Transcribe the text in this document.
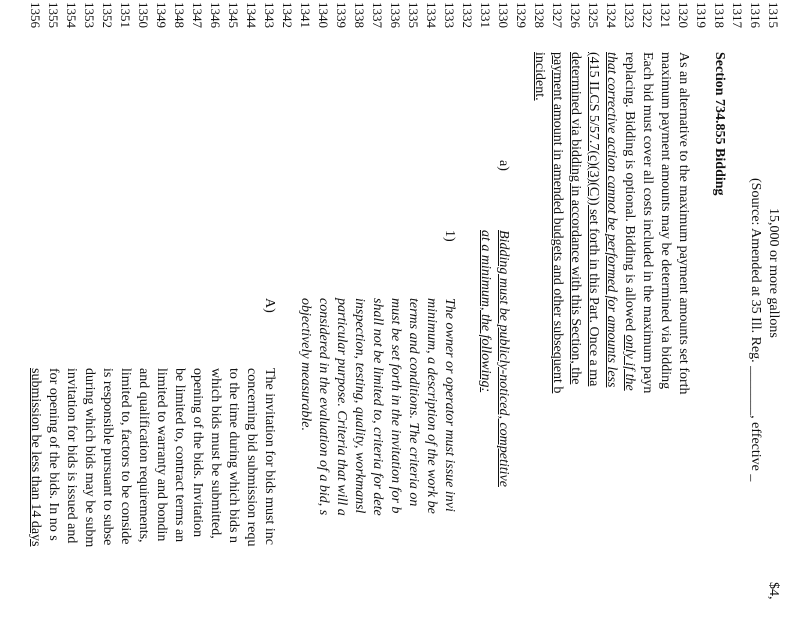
1315
1316
1317
1318
1319
1320
1321
1322
1323
1324
1325
1326
1327
1328
1329
1330
1331
1332
1333
1334
1335
1336
1337
1338
1339
1340
1341
1342
1343
1344
1345
1346
1347
1348
1349
1350
1351
1352
1353
1354
1355
1356
15,000 or more gallons
$4,
(Source: Amended at 35 Ill. Reg. _______, effective _
Section 734.855 Bidding
As an alternative to the maximum payment amounts set forth
maximum payment amounts may be determined via bidding
Each bid must cover all costs included in the maximum payn
replacing. Bidding is optional. Bidding is allowed only if the
that corrective action cannot be performed for amounts less
(415 ILCS 5/57.7(c)(3)(C)) set forth in this Part. Once a ma
determined via bidding in accordance with this Section, the
payment amount in amended budgets and other subsequent b
incident.
a)
Bidding must be publicly-noticed, competitive
at a minimum, the following:
1)
The owner or operator must issue invi
minimum, a description of the work be
terms and conditions. The criteria on
must be set forth in the invitation for b
shall not be limited to, criteria for dete
inspection, testing, quality, workmansl
particular purpose. Criteria that will a
considered in the evaluation of a bid, s
objectively measurable.
A)
The invitation for bids must inc
concerning bid submission requ
to the time during which bids n
which bids must be submitted,
opening of the bids. Invitation
be limited to, contract terms an
limited to warranty and bondin
and qualification requirements,
limited to, factors to be conside
is responsible pursuant to subse
during which bids may be subm
invitation for bids is issued and
for opening of the bids. In no s
submission be less than 14 days
